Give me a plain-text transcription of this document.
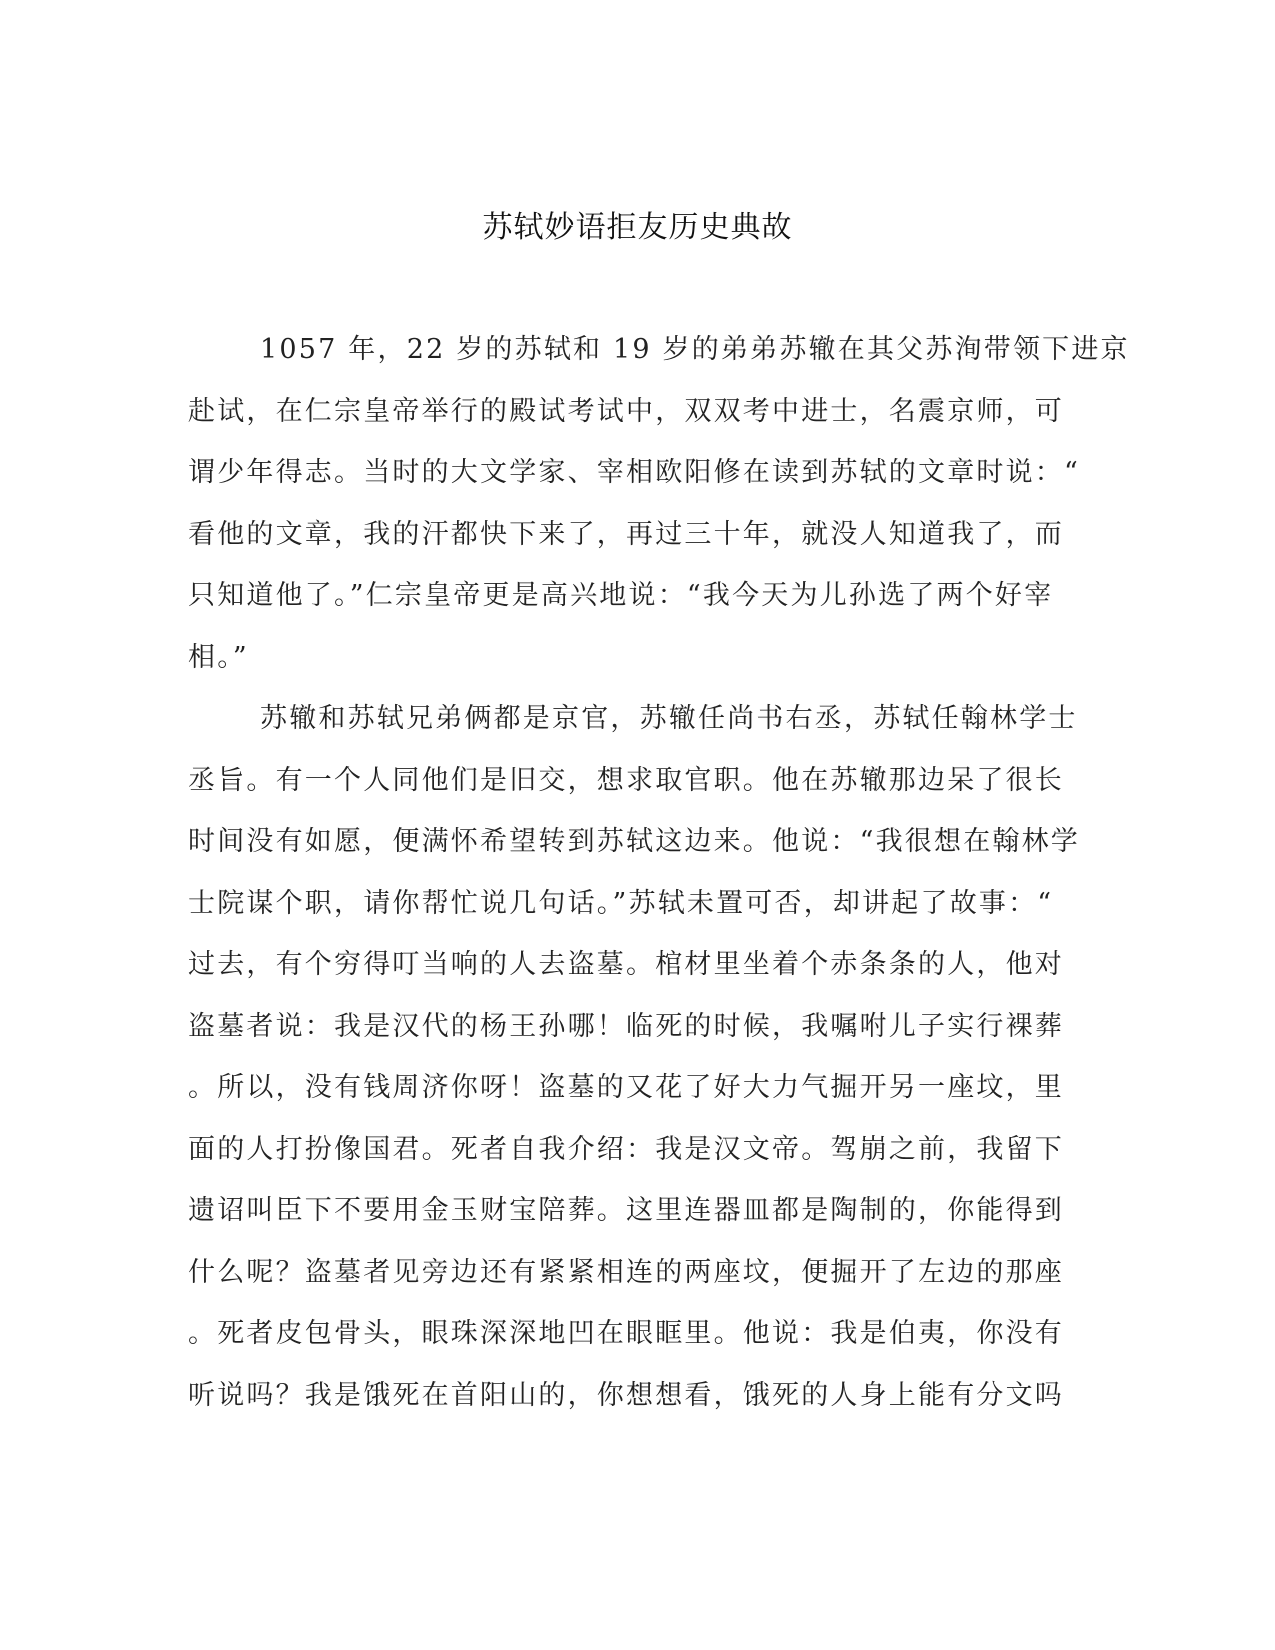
苏轼妙语拒友历史典故
1057 年，22 岁的苏轼和 19 岁的弟弟苏辙在其父苏洵带领下进京
赴试，在仁宗皇帝举行的殿试考试中，双双考中进士，名震京师，可
谓少年得志。当时的大文学家、宰相欧阳修在读到苏轼的文章时说：“
看他的文章，我的汗都快下来了，再过三十年，就没人知道我了，而
只知道他了。”仁宗皇帝更是高兴地说：“我今天为儿孙选了两个好宰
相。”
苏辙和苏轼兄弟俩都是京官，苏辙任尚书右丞，苏轼任翰林学士
丞旨。有一个人同他们是旧交，想求取官职。他在苏辙那边呆了很长
时间没有如愿，便满怀希望转到苏轼这边来。他说：“我很想在翰林学
士院谋个职，请你帮忙说几句话。”苏轼未置可否，却讲起了故事：“
过去，有个穷得叮当响的人去盗墓。棺材里坐着个赤条条的人，他对
盗墓者说：我是汉代的杨王孙哪！临死的时候，我嘱咐儿子实行裸葬
。所以，没有钱周济你呀！盗墓的又花了好大力气掘开另一座坟，里
面的人打扮像国君。死者自我介绍：我是汉文帝。驾崩之前，我留下
遗诏叫臣下不要用金玉财宝陪葬。这里连器皿都是陶制的，你能得到
什么呢？盗墓者见旁边还有紧紧相连的两座坟，便掘开了左边的那座
。死者皮包骨头，眼珠深深地凹在眼眶里。他说：我是伯夷，你没有
听说吗？我是饿死在首阳山的，你想想看，饿死的人身上能有分文吗
